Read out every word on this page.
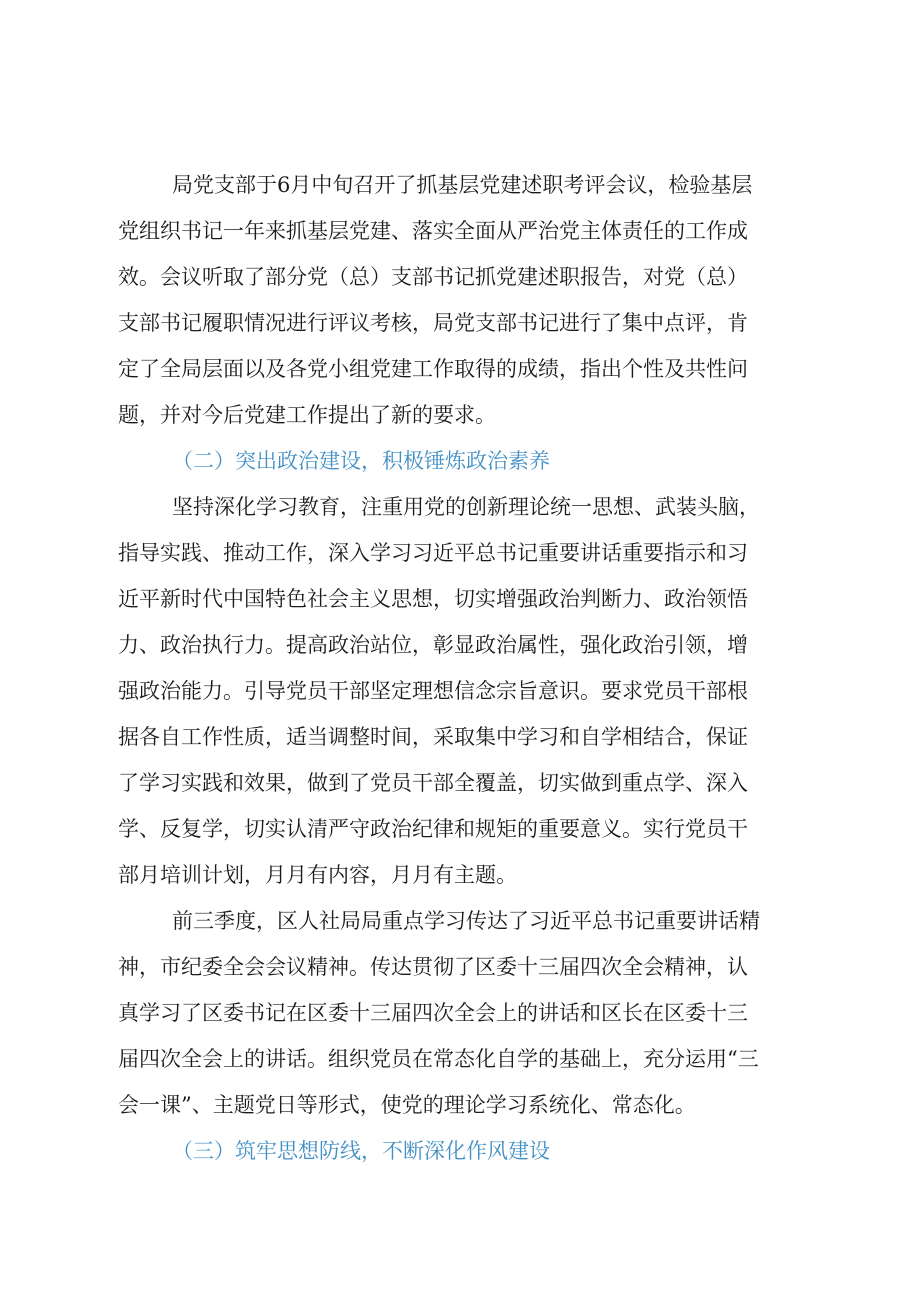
局党支部于6月中旬召开了抓基层党建述职考评会议，检验基层

党组织书记一年来抓基层党建、落实全面从严治党主体责任的工作成

效。会议听取了部分党（总）支部书记抓党建述职报告，对党（总）

支部书记履职情况进行评议考核，局党支部书记进行了集中点评，肯

定了全局层面以及各党小组党建工作取得的成绩，指出个性及共性问

题，并对今后党建工作提出了新的要求。

（二）突出政治建设，积极锤炼政治素养

坚持深化学习教育，注重用党的创新理论统一思想、武装头脑，

指导实践、推动工作，深入学习习近平总书记重要讲话重要指示和习

近平新时代中国特色社会主义思想，切实增强政治判断力、政治领悟

力、政治执行力。提高政治站位，彰显政治属性，强化政治引领，增

强政治能力。引导党员干部坚定理想信念宗旨意识。要求党员干部根

据各自工作性质，适当调整时间，采取集中学习和自学相结合，保证

了学习实践和效果，做到了党员干部全覆盖，切实做到重点学、深入

学、反复学，切实认清严守政治纪律和规矩的重要意义。实行党员干

部月培训计划，月月有内容，月月有主题。

前三季度，区人社局局重点学习传达了习近平总书记重要讲话精

神，市纪委全会会议精神。传达贯彻了区委十三届四次全会精神，认

真学习了区委书记在区委十三届四次全会上的讲话和区长在区委十三

届四次全会上的讲话。组织党员在常态化自学的基础上，充分运用“三

会一课”、主题党日等形式，使党的理论学习系统化、常态化。

（三）筑牢思想防线，不断深化作风建设
